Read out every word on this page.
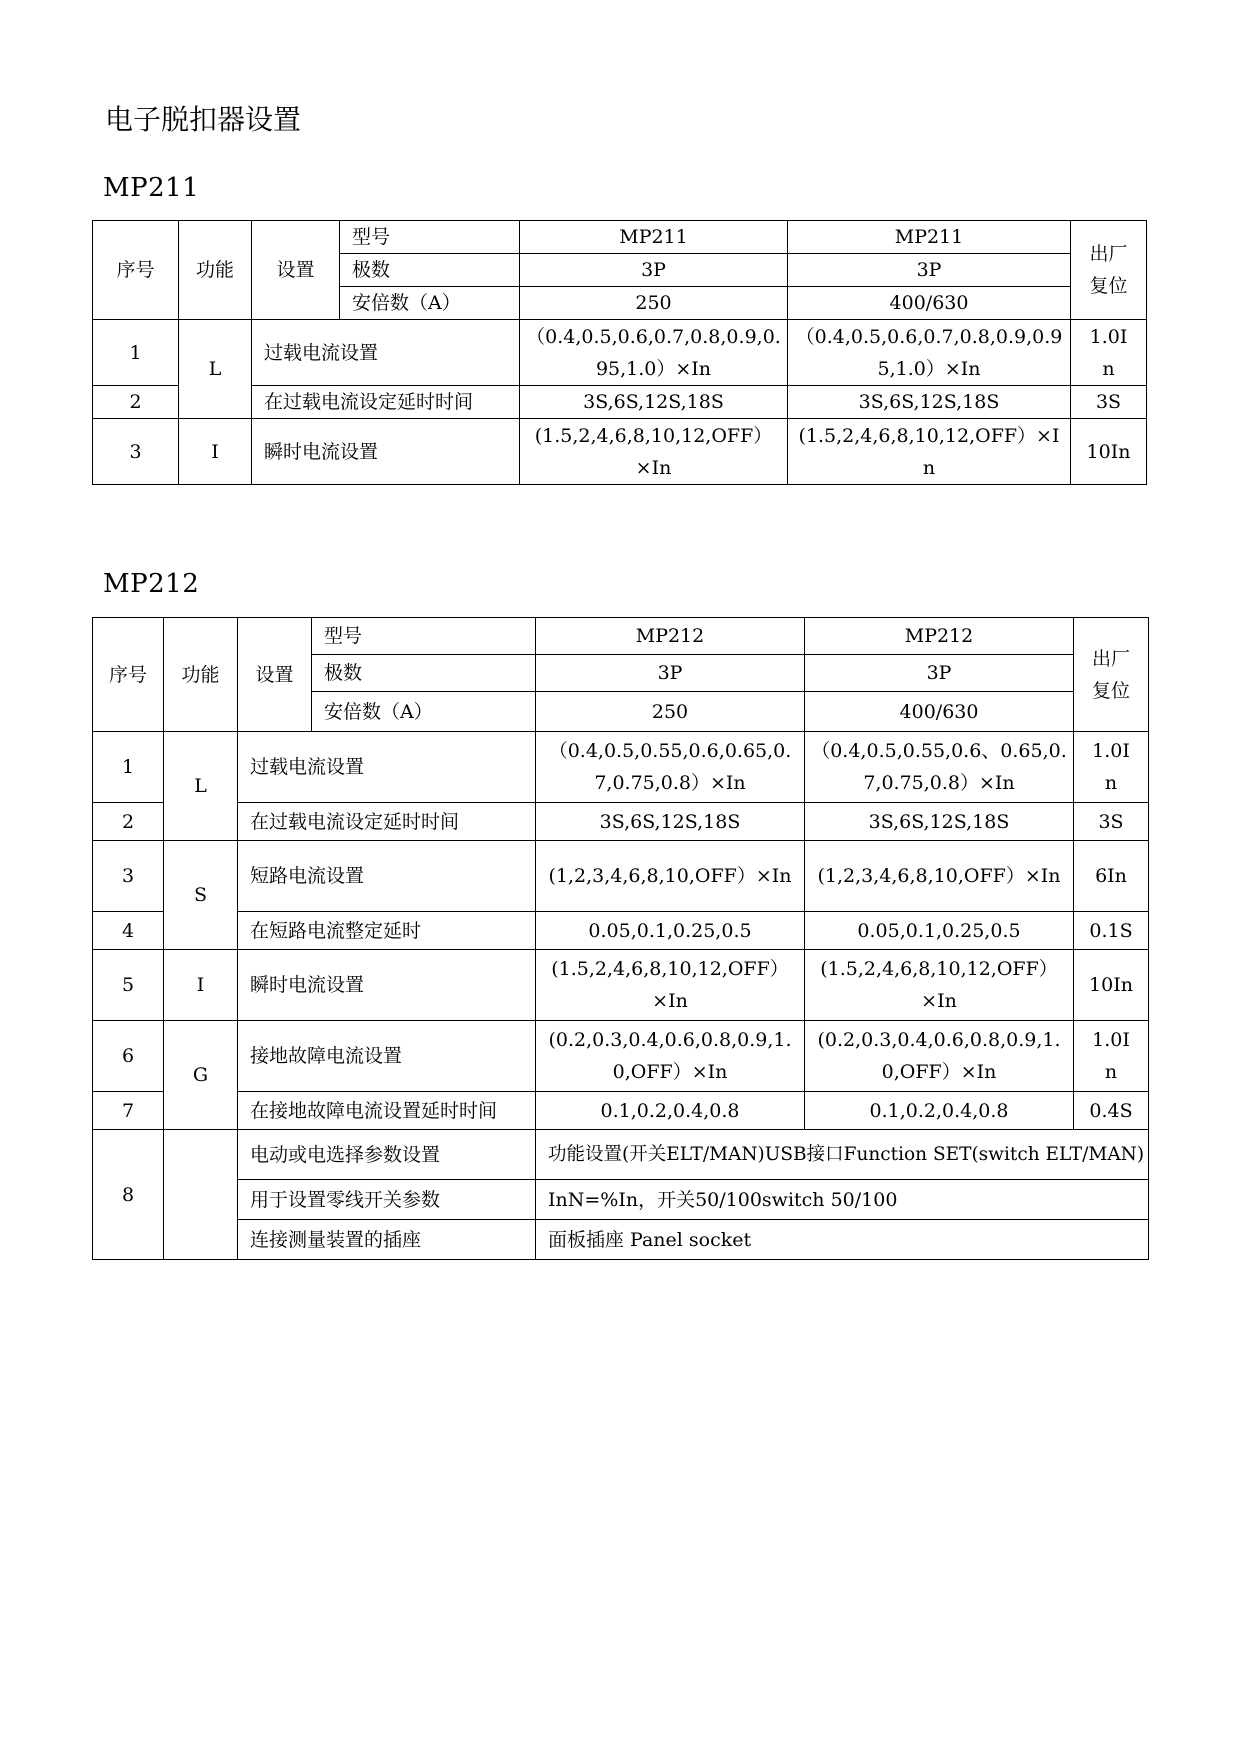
电子脱扣器设置
MP211
序号	功能	设置	型号	MP211	MP211	出厂复位
			极数	3P	3P	
			安倍数（A）	250	400/630	
1	L	过载电流设置		（0.4,0.5,0.6,0.7,0.8,0.9,0.95,1.0）×In	（0.4,0.5,0.6,0.7,0.8,0.9,0.95,1.0）×In	1.0In
2		在过载电流设定延时时间		3S,6S,12S,18S	3S,6S,12S,18S	3S
3	I	瞬时电流设置		(1.5,2,4,6,8,10,12,OFF）×In	(1.5,2,4,6,8,10,12,OFF）×In	10In
MP212
序号	功能	设置	型号	MP212	MP212	出厂复位
			极数	3P	3P	
			安倍数（A）	250	400/630	
1	L	过载电流设置		（0.4,0.5,0.55,0.6,0.65,0.7,0.75,0.8）×In	（0.4,0.5,0.55,0.6、0.65,0.7,0.75,0.8）×In	1.0In
2		在过载电流设定延时时间		3S,6S,12S,18S	3S,6S,12S,18S	3S
3	S	短路电流设置		(1,2,3,4,6,8,10,OFF）×In	(1,2,3,4,6,8,10,OFF）×In	6In
4		在短路电流整定延时		0.05,0.1,0.25,0.5	0.05,0.1,0.25,0.5	0.1S
5	I	瞬时电流设置		(1.5,2,4,6,8,10,12,OFF）×In	(1.5,2,4,6,8,10,12,OFF）×In	10In
6	G	接地故障电流设置		(0.2,0.3,0.4,0.6,0.8,0.9,1.0,OFF）×In	(0.2,0.3,0.4,0.6,0.8,0.9,1.0,OFF）×In	1.0In
7		在接地故障电流设置延时时间		0.1,0.2,0.4,0.8	0.1,0.2,0.4,0.8	0.4S
8		电动或电选择参数设置		功能设置(开关ELT/MAN)USB接口Function SET(switch ELT/MAN)		
		用于设置零线开关参数		InN=%In，开关50/100switch 50/100		
		连接测量装置的插座		面板插座 Panel socket		
